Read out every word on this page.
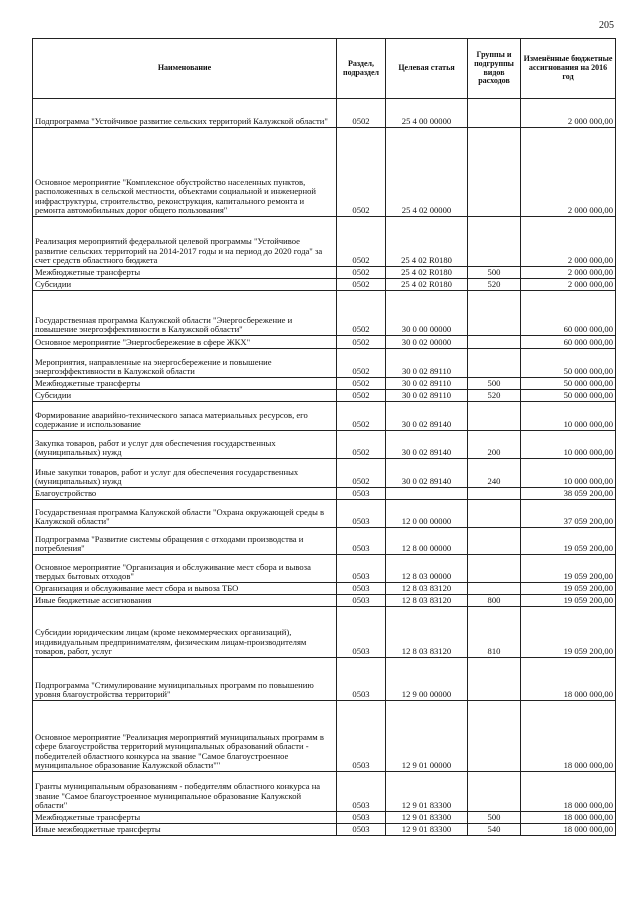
205
Наименование	Раздел, подраздел	Целевая статья	Группы и подгруппы видов расходов	Изменённые бюджетные ассигнования на 2016 год
Подпрограмма "Устойчивое развитие сельских территорий Калужской области"	0502	25 4 00 00000		2 000 000,00
Основное мероприятие "Комплексное обустройство населенных пунктов, расположенных в сельской местности, объектами социальной и инженерной инфраструктуры, строительство, реконструкция, капитального ремонта и ремонта автомобильных дорог общего пользования"	0502	25 4 02 00000		2 000 000,00
Реализация мероприятий федеральной целевой программы "Устойчивое развитие сельских территорий на 2014-2017 годы и на период до 2020 года" за счет средств областного бюджета	0502	25 4 02 R0180		2 000 000,00
Межбюджетные трансферты	0502	25 4 02 R0180	500	2 000 000,00
Субсидии	0502	25 4 02 R0180	520	2 000 000,00
Государственная программа Калужской области "Энергосбережение и повышение энергоэффективности в Калужской области"	0502	30 0 00 00000		60 000 000,00
Основное мероприятие "Энергосбережение в сфере ЖКХ"	0502	30 0 02 00000		60 000 000,00
Мероприятия, направленные на энергосбережение и повышение энергоэффективности в Калужской области	0502	30 0 02 89110		50 000 000,00
Межбюджетные трансферты	0502	30 0 02 89110	500	50 000 000,00
Субсидии	0502	30 0 02 89110	520	50 000 000,00
Формирование аварийно-технического запаса материальных ресурсов, его содержание и использование	0502	30 0 02 89140		10 000 000,00
Закупка товаров, работ и услуг для обеспечения государственных (муниципальных) нужд	0502	30 0 02 89140	200	10 000 000,00
Иные закупки товаров, работ и услуг для обеспечения государственных (муниципальных) нужд	0502	30 0 02 89140	240	10 000 000,00
Благоустройство	0503			38 059 200,00
Государственная программа Калужской области "Охрана окружающей среды в Калужской области"	0503	12 0 00 00000		37 059 200,00
Подпрограмма "Развитие системы обращения с отходами производства и потребления"	0503	12 8 00 00000		19 059 200,00
Основное мероприятие "Организация и обслуживание мест сбора и вывоза твердых бытовых отходов"	0503	12 8 03 00000		19 059 200,00
Организация и обслуживание мест сбора и вывоза ТБО	0503	12 8 03 83120		19 059 200,00
Иные бюджетные ассигнования	0503	12 8 03 83120	800	19 059 200,00
Субсидии юридическим лицам (кроме некоммерческих организаций), индивидуальным предпринимателям, физическим лицам-производителям товаров, работ, услуг	0503	12 8 03 83120	810	19 059 200,00
Подпрограмма "Стимулирование муниципальных программ по повышению уровня благоустройства территорий"	0503	12 9 00 00000		18 000 000,00
Основное мероприятие "Реализация мероприятий муниципальных программ в сфере благоустройства территорий муниципальных образований области - победителей областного конкурса на звание "Самое благоустроенное муниципальное образование Калужской области""	0503	12 9 01 00000		18 000 000,00
Гранты муниципальным образованиям - победителям областного конкурса на звание "Самое благоустроенное муниципальное образование Калужской области"	0503	12 9 01 83300		18 000 000,00
Межбюджетные трансферты	0503	12 9 01 83300	500	18 000 000,00
Иные межбюджетные трансферты	0503	12 9 01 83300	540	18 000 000,00
